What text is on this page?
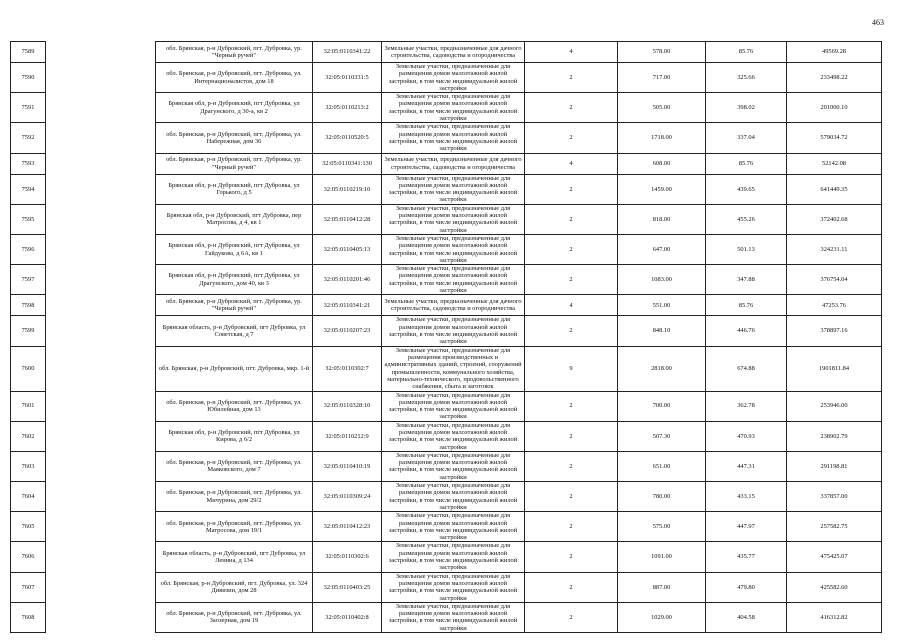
463
7589		обл. Брянская, р-н Дубровский, пгт. Дубровка, ур. "Черный ручей"	32:05:0110341:22	Земельные участки, предназначенные для дачного строительства, садоводства и огородничества	4	578.00	85.76	49569.28
7590		обл. Брянская, р-н Дубровский, пгт. Дубровка, ул. Интернационалистов, дом 18	32:05:0110331:5	Земельные участки, предназначенные для размещения домов малоэтажной жилой застройки, в том числе индивидуальной жилой застройки	2	717.00	325.66	233498.22
7591		Брянская обл, р-н Дубровский, пгт Дубровка, ул Драгунского, д 30-а, кв 2	32:05:0110213:2	Земельные участки, предназначенные для размещения домов малоэтажной жилой застройки, в том числе индивидуальной жилой застройки	2	505.00	398.02	201000.10
7592		обл. Брянская, р-н Дубровский, пгт. Дубровка, ул. Набережная, дом 36	32:05:0110520:5	Земельные участки, предназначенные для размещения домов малоэтажной жилой застройки, в том числе индивидуальной жилой застройки	2	1718.00	337.04	579034.72
7593		обл. Брянская, р-н Дубровский, пгт. Дубровка, ур. "Черный ручей"	32:05:0110341:130	Земельные участки, предназначенные для дачного строительства, садоводства и огородничества	4	608.00	85.76	52142.08
7594		Брянская обл, р-н Дубровский, пгт Дубровка, ул Горького, д 5	32:05:0110219:10	Земельные участки, предназначенные для размещения домов малоэтажной жилой застройки, в том числе индивидуальной жилой застройки	2	1459.00	439.65	641449.35
7595		Брянская обл, р-н Дубровский, пгт Дубровка, пер Матросова, д 4, кв 1	32:05:0110412:28	Земельные участки, предназначенные для размещения домов малоэтажной жилой застройки, в том числе индивидуальной жилой застройки	2	818.00	455.26	372402.68
7596		Брянская обл, р-н Дубровский, пгт Дубровка, ул Гайдукова, д 6А, кв 1	32:05:0110405:13	Земельные участки, предназначенные для размещения домов малоэтажной жилой застройки, в том числе индивидуальной жилой застройки	2	647.00	501.13	324231.11
7597		Брянская обл, р-н Дубровский, пгт Дубровка, ул Драгунского, дом 40, кв 3	32:05:0110201:46	Земельные участки, предназначенные для размещения домов малоэтажной жилой застройки, в том числе индивидуальной жилой застройки	2	1083.00	347.88	376754.04
7598		обл. Брянская, р-н Дубровский, пгт. Дубровка, ур. "Черный ручей"	32:05:0110341:21	Земельные участки, предназначенные для дачного строительства, садоводства и огородничества	4	551.00	85.76	47253.76
7599		Брянская область, р-н Дубровский, пгт Дубровка, ул Советская, д 7	32:05:0110207:23	Земельные участки, предназначенные для размещения домов малоэтажной жилой застройки, в том числе индивидуальной жилой застройки	2	848.10	446.76	378897.16
7600		обл. Брянская, р-н Дубровский, пгт. Дубровка, мкр. 1-й	32:05:0110302:7	Земельные участки, предназначенные для размещения производственных и административных зданий, строений, сооружений промышленности, коммунального хозяйства, материально-технического, продовольственного снабжения, сбыта и заготовок	9	2818.00	674.88	1901811.84
7601		обл. Брянская, р-н Дубровский, пгт. Дубровка, ул. Юбилейная, дом 13	32:05:0110328:10	Земельные участки, предназначенные для размещения домов малоэтажной жилой застройки, в том числе индивидуальной жилой застройки	2	700.00	362.78	253946.00
7602		Брянская обл, р-н Дубровский, пгт Дубровка, ул Кирова, д 6/2	32:05:0110212:9	Земельные участки, предназначенные для размещения домов малоэтажной жилой застройки, в том числе индивидуальной жилой застройки	2	507.30	470.93	238902.79
7603		обл. Брянская, р-н Дубровский, пгт. Дубровка, ул. Маяковского, дом 7	32:05:0110410:19	Земельные участки, предназначенные для размещения домов малоэтажной жилой застройки, в том числе индивидуальной жилой застройки	2	651.00	447.31	291198.81
7604		обл. Брянская, р-н Дубровский, пгт. Дубровка, ул. Мичурина, дом 29/2	32:05:0110309:24	Земельные участки, предназначенные для размещения домов малоэтажной жилой застройки, в том числе индивидуальной жилой застройки	2	780.00	433.15	337857.00
7605		обл. Брянская, р-н Дубровский, пгт. Дубровка, ул. Матросова, дом 19/1	32:05:0110412:23	Земельные участки, предназначенные для размещения домов малоэтажной жилой застройки, в том числе индивидуальной жилой застройки	2	575.00	447.97	257582.75
7606		Брянская область, р-н Дубровский, пгт Дубровка, ул Ленина, д 134	32:05:0110302:6	Земельные участки, предназначенные для размещения домов малоэтажной жилой застройки, в том числе индивидуальной жилой застройки	2	1091.00	435.77	475425.07
7607		обл. Брянская, р-н Дубровский, пгт. Дубровка, ул. 324 Дивизии, дом 28	32:05:0110403:25	Земельные участки, предназначенные для размещения домов малоэтажной жилой застройки, в том числе индивидуальной жилой застройки	2	887.00	479.80	425582.60
7608		обл. Брянская, р-н Дубровский, пгт. Дубровка, ул. Заозерная, дом 19	32:05:0110402:8	Земельные участки, предназначенные для размещения домов малоэтажной жилой застройки, в том числе индивидуальной жилой застройки	2	1029.00	404.58	416312.82
